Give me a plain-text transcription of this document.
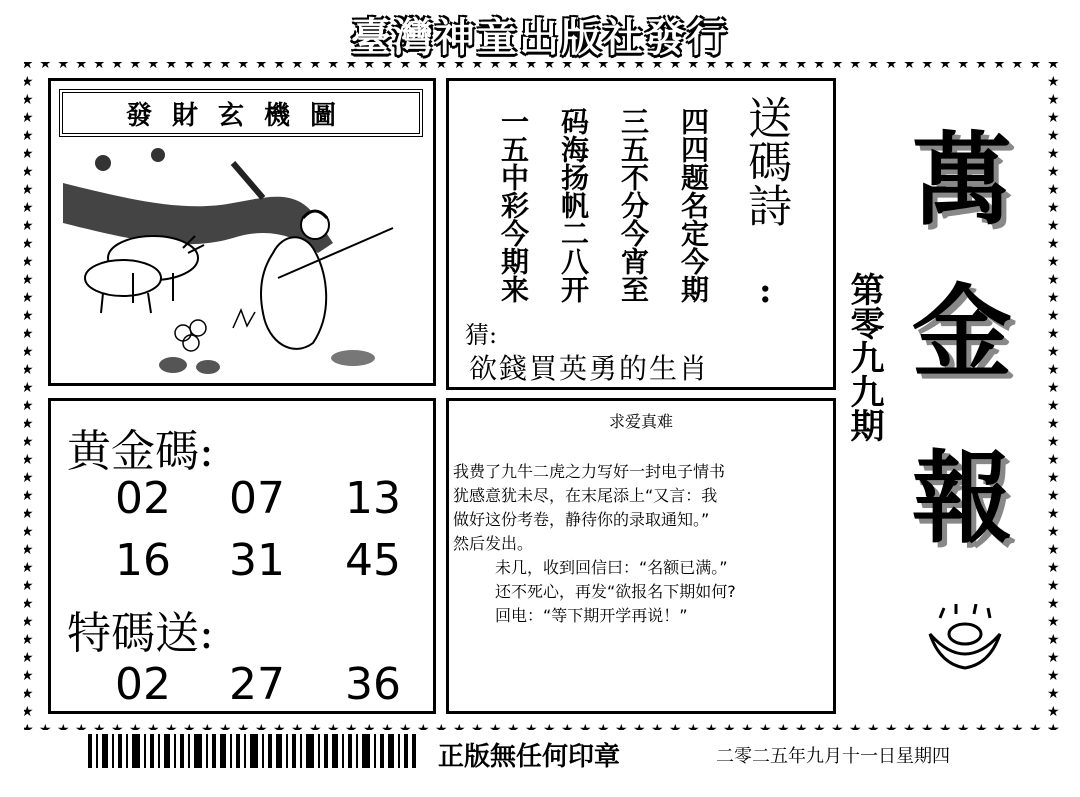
臺灣神童出版社發行
發財玄機圖	一五中彩今期来 码海扬帆二八开 三五不分今宵至 四四题名定今期 送碼詩
:
猜:
欲錢買英勇的生肖
萬
金
報
第零九九期
黄金碼:
02 07 13
16 31 45
特碼送:
02 27 36
求爱真难
我费了九牛二虎之力写好一封电子情书
犹感意犹未尽，在末尾添上“又言：我
做好这份考卷，静待你的录取通知。”
然后发出。
未几，收到回信曰：“名额已满。”
还不死心，再发“欲报名下期如何?
回电：“等下期开学再说！”
正版無任何印章	二零二五年九月十一日星期四
